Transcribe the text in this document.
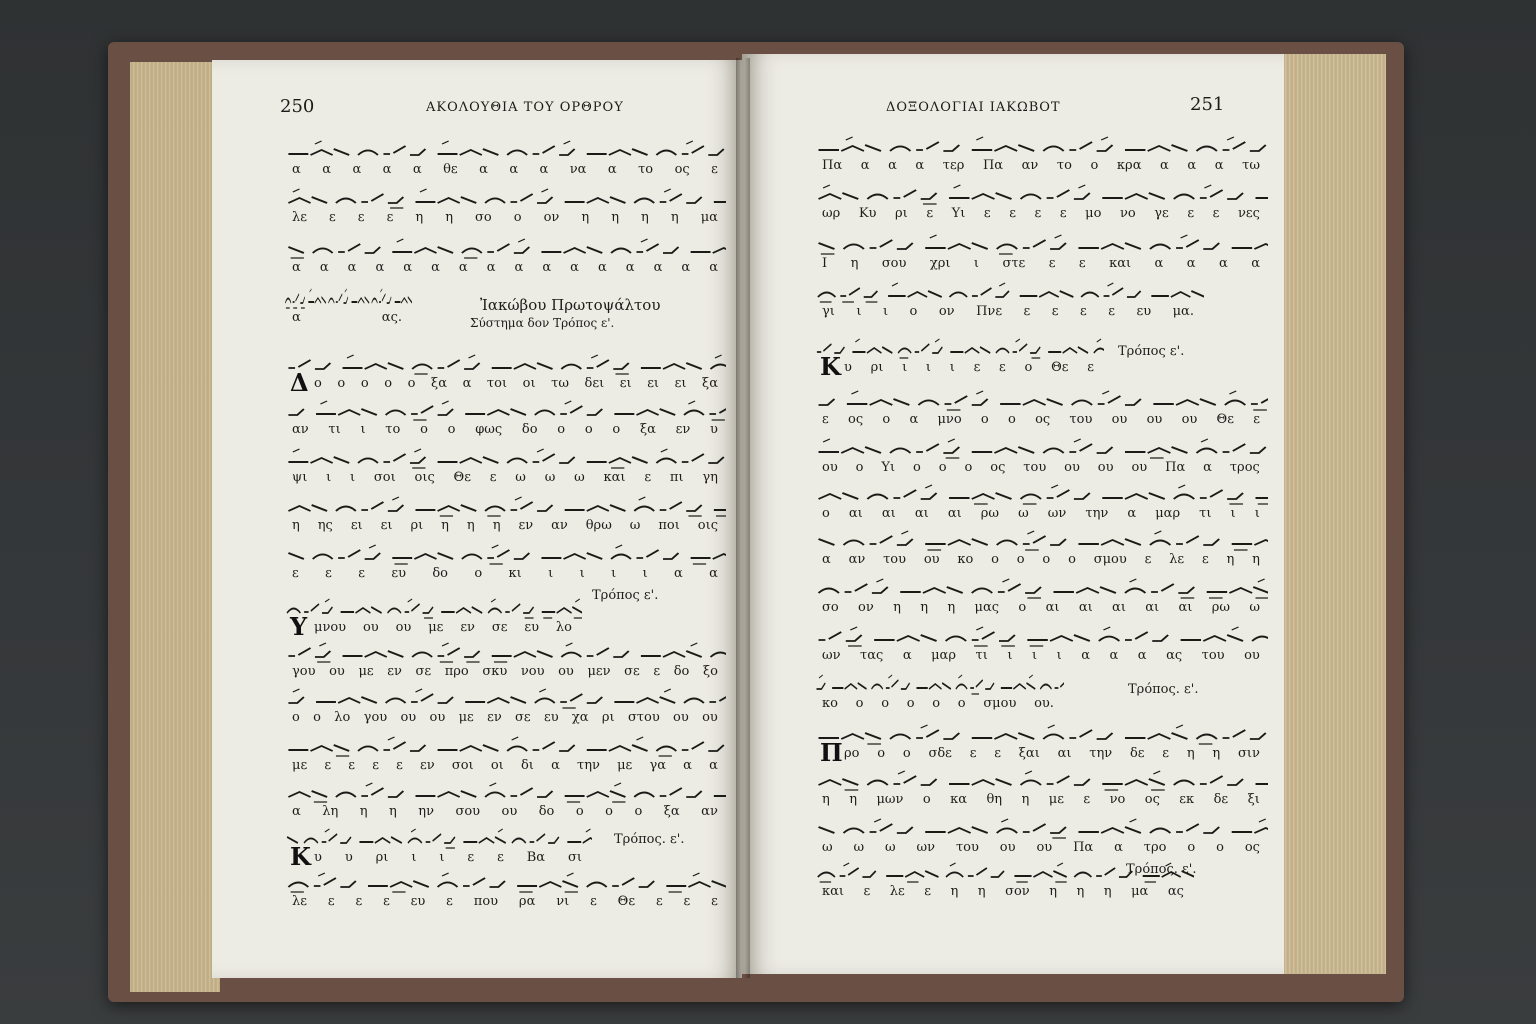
250	ΑΚΟΛΟΥΘΙΑ ΤΟΥ ΟΡΘΡΟΥ
α α α α α θε α α α να α το ος ε
λε ε ε ε η η σο ο ον η η η η μα
α α α α α α α α α α α α α α α α
α	ας.
ο ο ο ο ο ξα α τοι οι τω δει ει ει ει ξα
Δ
αν τι ι το ο ο φως δο ο ο ο ξα εν υ
ψι ι ι σοι οις Θε ε ω ω ω και ε πι γη
η ης ει ει ρι η η η εν αν θρω ω ποι οις
ε ε ε ευ δο ο κι ι ι ι ι α α
μνου ου ου με εν σε ευ λο
Υ
γου ου με εν σε προ σκυ νου ου μεν σε ε δο ξο
ο ο λο γου ου ου με εν σε ευ χα ρι στου ου ου
με ε ε ε ε εν σοι οι δι α την με γα α α
α λη η η ην σου ου δο ο ο ο ξα αν
υ υ ρι ι ι ε ε Βα σι
Κ
λε ε ε ε ευ ε που ρα νι ε Θε ε ε ε
Ἰακώβου Πρωτοψάλτου
Σύστημα δον Τρόπος ε'.
Τρόπος ε'.
Τρόπος. ε'.
ΔΟΞΟΛΟΓΙΑΙ ΙΑΚΩΒΟΤ	251
Πα α α α τερ Πα αν το ο κρα α α α τω
ωρ Κυ ρι ε Υι ε ε ε ε μο νο γε ε ε νες
Ι η σου χρι ι στε ε ε και α α α α
γι ι ι ο ον Πνε ε ε ε ε ευ μα.
υ ρι ι ι ι ε ε ο Θε ε
Κ
ε ος ο α μνο ο ο ος του ου ου ου Θε ε
ου ο Υι ο ο ο ος του ου ου ου Πα α τρος
ο αι αι αι αι ρω ω ων την α μαρ τι ι ι
α αν του ου κο ο ο ο ο σμου ε λε ε η η
σο ον η η η μας ο αι αι αι αι αι ρω ω
ων τας α μαρ τι ι ι ι α α α ας του ου
κο ο ο ο ο ο σμου ου.
ρο ο ο σδε ε ε ξαι αι την δε ε η η σιν
Π
η η μων ο κα θη η με ε νο ος εκ δε ξι
ω ω ω ων του ου ου Πα α τρο ο ο ος
και ε λε ε η η σον η η η μα ας
Τρόπος ε'.
Τρόπος. ε'.
Τρόπος. ε'.
